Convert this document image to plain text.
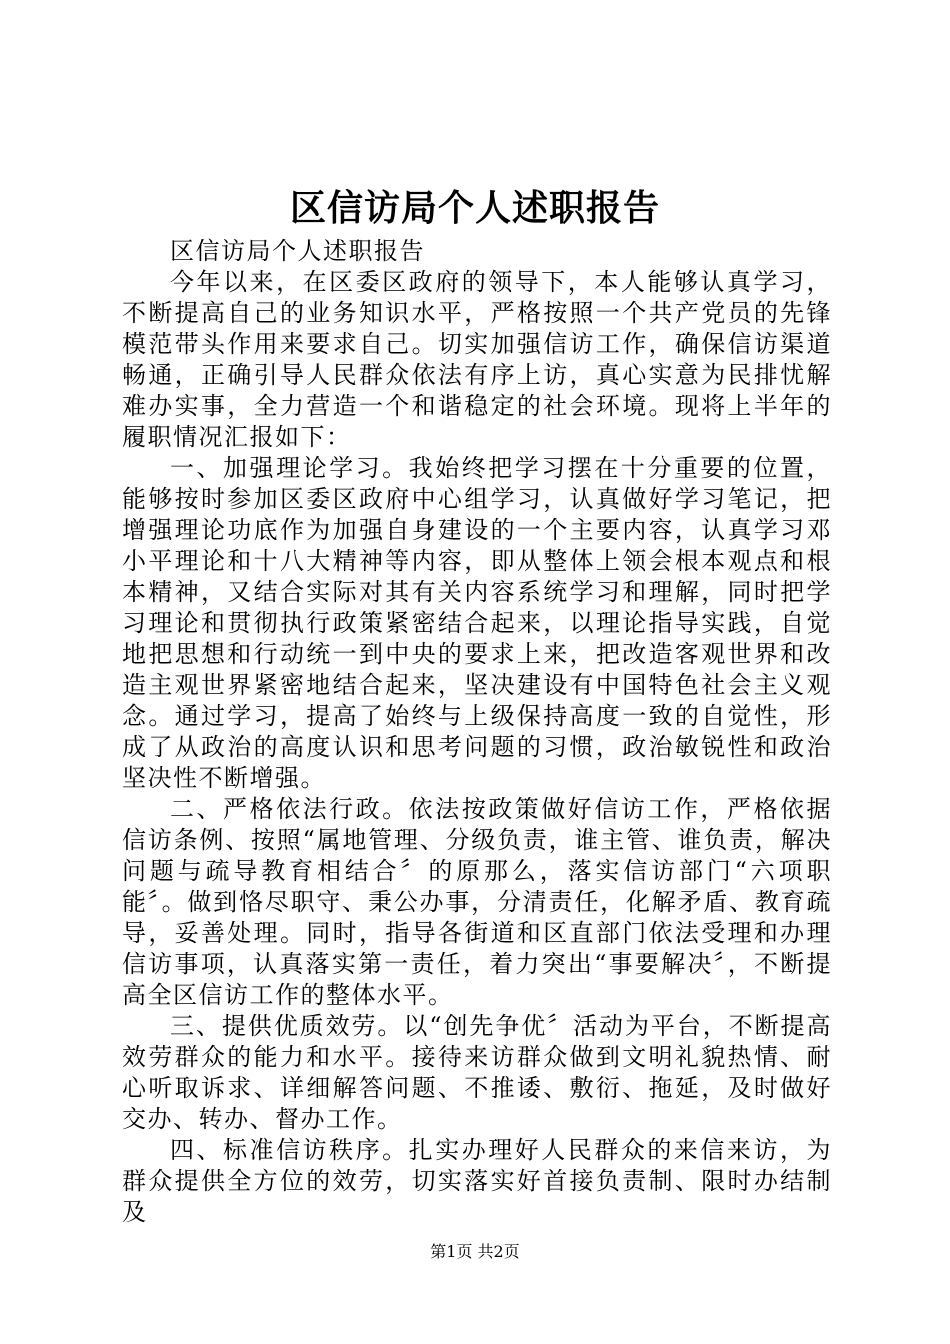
区信访局个人述职报告

区信访局个人述职报告

今年以来，在区委区政府的领导下，本人能够认真学习，不断提高自己的业务知识水平，严格按照一个共产党员的先锋模范带头作用来要求自己。切实加强信访工作，确保信访渠道畅通，正确引导人民群众依法有序上访，真心实意为民排忧解难办实事，全力营造一个和谐稳定的社会环境。现将上半年的履职情况汇报如下：

一、加强理论学习。我始终把学习摆在十分重要的位置，能够按时参加区委区政府中心组学习，认真做好学习笔记，把增强理论功底作为加强自身建设的一个主要内容，认真学习邓小平理论和十八大精神等内容，即从整体上领会根本观点和根本精神，又结合实际对其有关内容系统学习和理解，同时把学习理论和贯彻执行政策紧密结合起来，以理论指导实践，自觉地把思想和行动统一到中央的要求上来，把改造客观世界和改造主观世界紧密地结合起来，坚决建设有中国特色社会主义观念。通过学习，提高了始终与上级保持高度一致的自觉性，形成了从政治的高度认识和思考问题的习惯，政治敏锐性和政治坚决性不断增强。

二、严格依法行政。依法按政策做好信访工作，严格依据信访条例、按照“属地管理、分级负责，谁主管、谁负责，解决问题与疏导教育相结合〞的原那么，落实信访部门“六项职能〞。做到恪尽职守、秉公办事，分清责任，化解矛盾、教育疏导，妥善处理。同时，指导各街道和区直部门依法受理和办理信访事项，认真落实第一责任，着力突出“事要解决〞，不断提高全区信访工作的整体水平。

三、提供优质效劳。以“创先争优〞活动为平台，不断提高效劳群众的能力和水平。接待来访群众做到文明礼貌热情、耐心听取诉求、详细解答问题、不推诿、敷衍、拖延，及时做好交办、转办、督办工作。

四、标准信访秩序。扎实办理好人民群众的来信来访，为群众提供全方位的效劳，切实落实好首接负责制、限时办结制及

第1页 共2页
